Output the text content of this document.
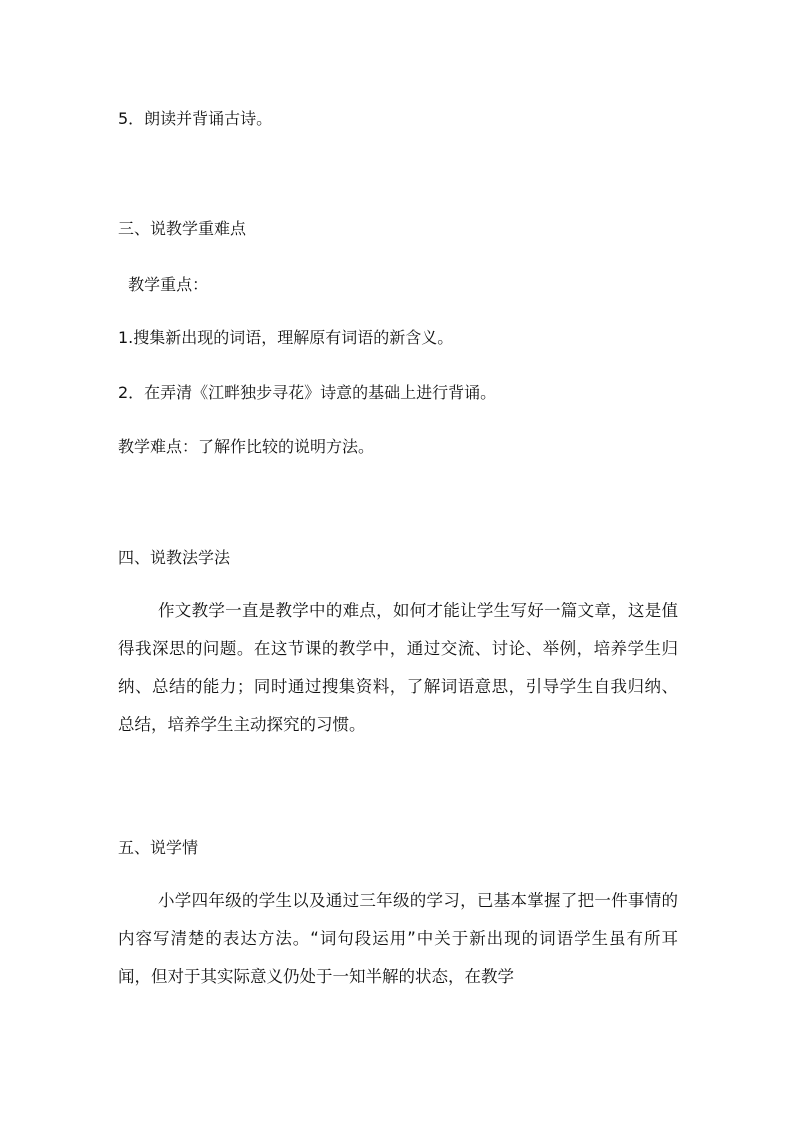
5．朗读并背诵古诗。
三、说教学重难点
教学重点：
1.搜集新出现的词语，理解原有词语的新含义。
2．在弄清《江畔独步寻花》诗意的基础上进行背诵。
教学难点：了解作比较的说明方法。
四、说教法学法
作文教学一直是教学中的难点，如何才能让学生写好一篇文章，这是值得我深思的问题。在这节课的教学中，通过交流、讨论、举例，培养学生归纳、总结的能力；同时通过搜集资料，了解词语意思，引导学生自我归纳、总结，培养学生主动探究的习惯。
五、说学情
小学四年级的学生以及通过三年级的学习，已基本掌握了把一件事情的内容写清楚的表达方法。“词句段运用”中关于新出现的词语学生虽有所耳闻，但对于其实际意义仍处于一知半解的状态，在教学
